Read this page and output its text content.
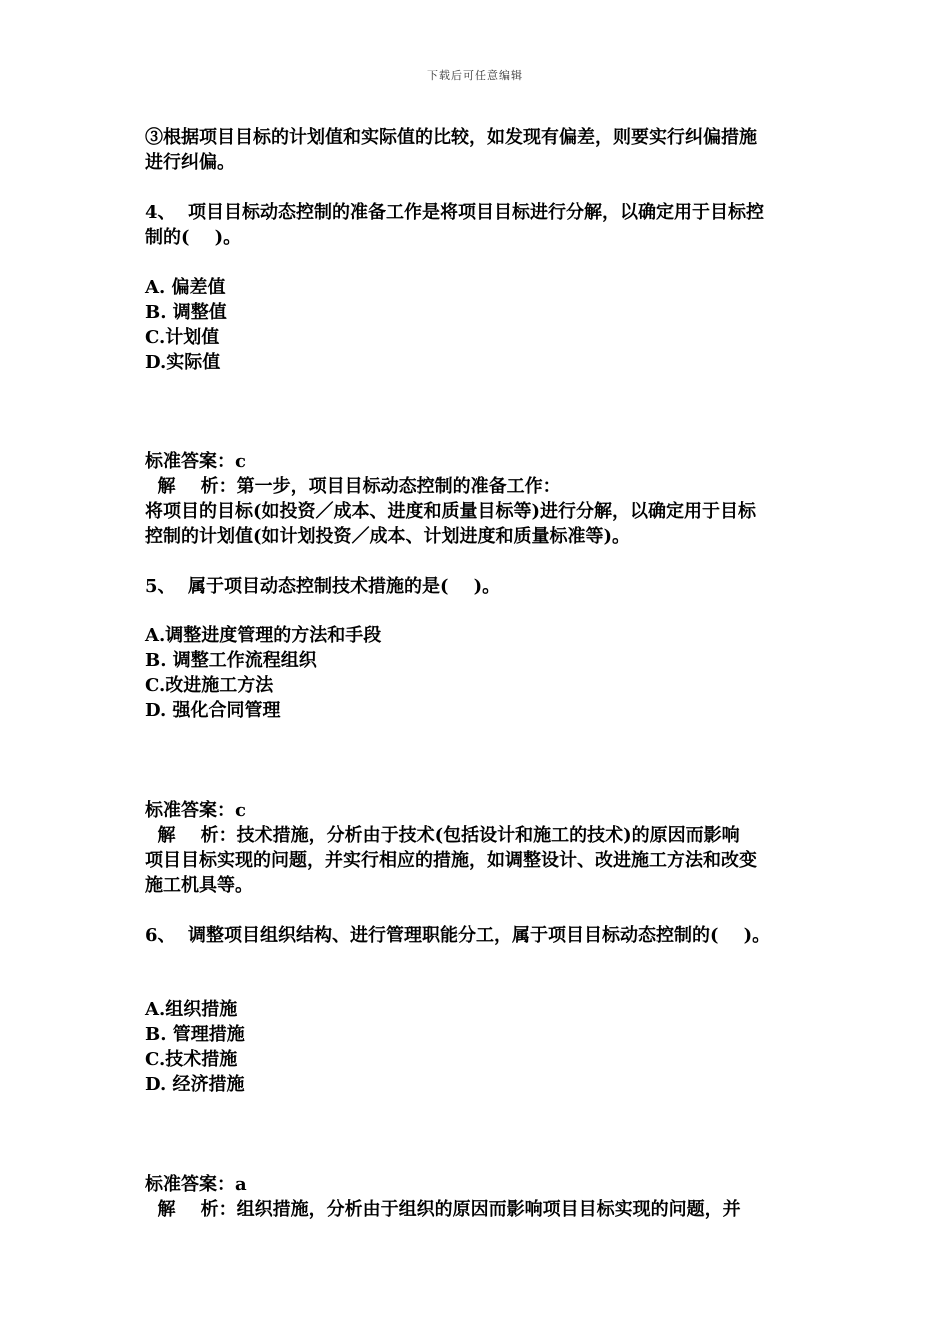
下载后可任意编辑
③根据项目目标的计划值和实际值的比较，如发现有偏差，则要实行纠偏措施
进行纠偏。
4、  项目目标动态控制的准备工作是将项目目标进行分解，以确定用于目标控
制的(    )。
A. 偏差值
B. 调整值
C.计划值
D.实际值
标准答案：c
解    析：第一步，项目目标动态控制的准备工作：
将项目的目标(如投资／成本、进度和质量目标等)进行分解，以确定用于目标
控制的计划值(如计划投资／成本、计划进度和质量标准等)。
5、  属于项目动态控制技术措施的是(    )。
A.调整进度管理的方法和手段
B. 调整工作流程组织
C.改进施工方法
D. 强化合同管理
标准答案：c
解    析：技术措施，分析由于技术(包括设计和施工的技术)的原因而影响
项目目标实现的问题，并实行相应的措施，如调整设计、改进施工方法和改变
施工机具等。
6、  调整项目组织结构、进行管理职能分工，属于项目目标动态控制的(    )。
A.组织措施
B. 管理措施
C.技术措施
D. 经济措施
标准答案：a
解    析：组织措施，分析由于组织的原因而影响项目目标实现的问题，并
